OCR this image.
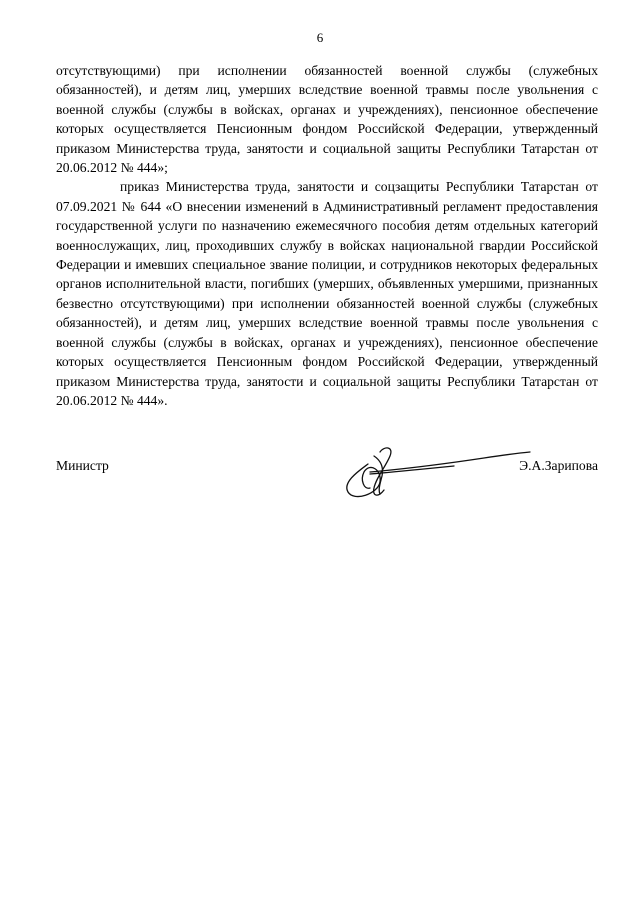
6

отсутствующими) при исполнении обязанностей военной службы (служебных обязанностей), и детям лиц, умерших вследствие военной травмы после увольнения с военной службы (службы в войсках, органах и учреждениях), пенсионное обеспечение которых осуществляется Пенсионным фондом Российской Федерации, утвержденный приказом Министерства труда, занятости и социальной защиты Республики Татарстан от 20.06.2012 № 444»;

приказ Министерства труда, занятости и соцзащиты Республики Татарстан от 07.09.2021 № 644 «О внесении изменений в Административный регламент предоставления государственной услуги по назначению ежемесячного пособия детям отдельных категорий военнослужащих, лиц, проходивших службу в войсках национальной гвардии Российской Федерации и имевших специальное звание полиции, и сотрудников некоторых федеральных органов исполнительной власти, погибших (умерших, объявленных умершими, признанных безвестно отсутствующими) при исполнении обязанностей военной службы (служебных обязанностей), и детям лиц, умерших вследствие военной травмы после увольнения с военной службы (службы в войсках, органах и учреждениях), пенсионное обеспечение которых осуществляется Пенсионным фондом Российской Федерации, утвержденный приказом Министерства труда, занятости и социальной защиты Республики Татарстан от 20.06.2012 № 444».

Министр	Э.А.Зарипова
